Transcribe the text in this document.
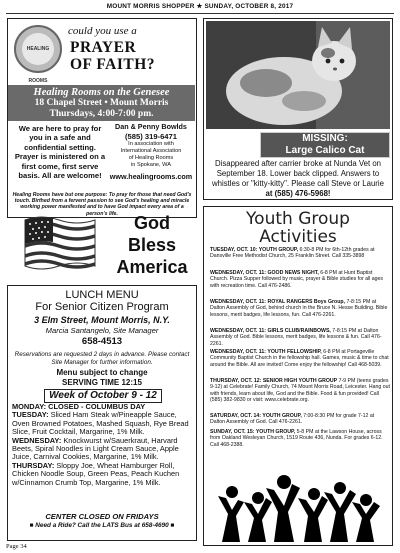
MOUNT MORRIS SHOPPER ★ SUNDAY, OCTOBER 8, 2017
HEALING ROOMS
could you use a
PRAYER
OF FAITH?
Healing Rooms on the Genesee
18 Chapel Street • Mount Morris
Thursdays, 4:00-7:00 pm.
We are here to pray for you in a safe and confidential setting. Prayer is ministered on a first come, first serve basis. All are welcome!
Dan & Penny Bowlds
(585) 319-6471
In association with
International Association
of Healing Rooms
in Spokane, WA
www.healingrooms.com
Healing Rooms have but one purpose: To pray for those that need God's touch. Birthed from a fervent passion to see God's healing and miracle working power manifested and to have God impact every area of a person's life.
MISSING:
Large Calico Cat
Disappeared after carrier broke at Nunda Vet on September 18. Lower back clipped. Answers to whistles or "kitty-kitty". Please call Steve or Laurie
at (585) 476-5968!
God
Bless
America
Youth Group
Activities
TUESDAY, OCT. 10: YOUTH GROUP, 6:30-8 PM for 6th-12th grades at Dansville Free Methodist Church, 25 Franklin Street. Call 335-3898
WEDNESDAY, OCT. 11: GOOD NEWS NIGHT, 6-8 PM at Hunt Baptist Church. Pizza Supper followed by music, prayer & Bible studies for all ages with recreation time. Call 476-2486.
WEDNESDAY, OCT. 11: ROYAL RANGERS Boys Group, 7-8:15 PM at Dalton Assembly of God, behind church in the Bruce N. Hesse Building. Bible lessons, merit badges, life lessons, fun. Call 476-2261.
WEDNESDAY, OCT. 11: GIRLS CLUB/RAINBOWS, 7-8:15 PM at Dalton Assembly of God. Bible lessons, merit badges, life lessons & fun. Call 476-2261.
WEDNESDAY, OCT. 11: YOUTH FELLOWSHIP, 6-8 PM at Portageville Community Baptist Church in the fellowship hall. Games, music & time to chat around the Bible. All are invited! Come enjoy the fellowship! Call 468-5039.
THURSDAY, OCT. 12: SENIOR HIGH YOUTH GROUP 7-9 PM (teens grades 9-12) at Celebrate! Family Church, 74 Mount Morris Road, Leicester. Hang out with friends, learn about life, God and the Bible. Food & fun provided! Call (585) 382-9830 or visit: www.celebrate.org.
SATURDAY, OCT. 14: YOUTH GROUP, 7:00-8:30 PM for grade 7-12 at Dalton Assembly of God. Call 476-2261.
SUNDAY, OCT. 15: YOUTH GROUP, 5-8 PM at the Lawson House, across from Oakland Wesleyan Church, 1519 Route 436, Nunda. For grades 6-12. Call 468-2388.
LUNCH MENU
For Senior Citizen Program
3 Elm Street, Mount Morris, N.Y.
Marcia Santangelo, Site Manager
658-4513
Reservations are requested 2 days in advance. Please contact Site Manager for further information.
Menu subject to change
SERVING TIME 12:15
Week of October 9 - 12
MONDAY: CLOSED - COLUMBUS DAY
TUESDAY: Sliced Ham Steak w/Pineapple Sauce, Oven Browned Potatoes, Mashed Squash, Rye Bread Slice, Fruit Cocktail, Margarine, 1% Milk.
WEDNESDAY: Knockwurst w/Sauerkraut, Harvard Beets, Spiral Noodles in Light Cream Sauce, Apple Juice, Carnival Cookies, Margarine, 1% Milk.
THURSDAY: Sloppy Joe, Wheat Hamburger Roll, Chicken Noodle Soup, Green Peas, Peach Kuchen w/Cinnamon Crumb Top, Margarine, 1% Milk.
CENTER CLOSED ON FRIDAYS
■ Need a Ride? Call the LATS Bus at 658-4690 ■
Page 34
